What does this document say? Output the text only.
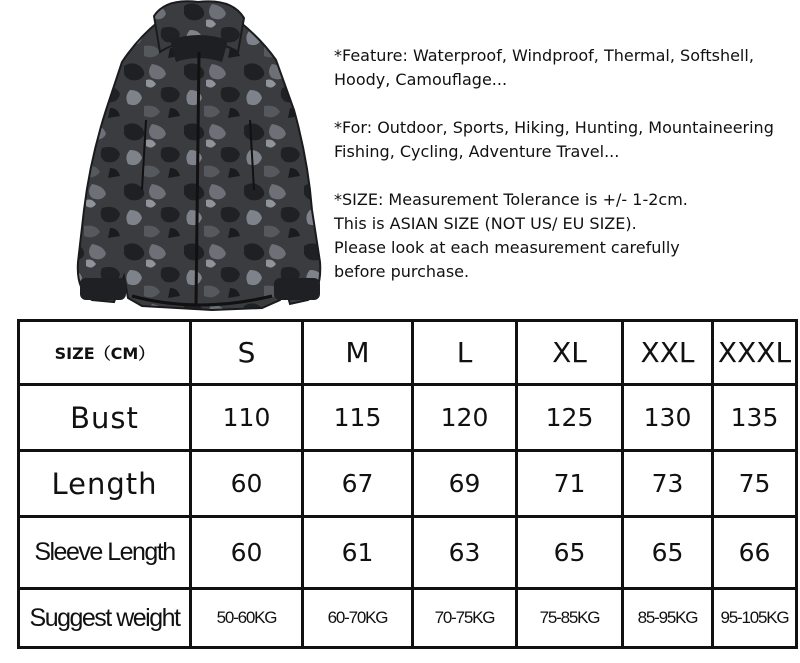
*Feature: Waterproof, Windproof, Thermal, Softshell,
Hoody, Camouflage...

*For: Outdoor, Sports, Hiking, Hunting, Mountaineering
Fishing, Cycling, Adventure Travel...

*SIZE: Measurement Tolerance is +/- 1-2cm.
This is ASIAN SIZE (NOT US/ EU SIZE).
Please look at each measurement carefully
before purchase.

SIZE（CM）	S	M	L	XL	XXL	XXXL
Bust	110	115	120	125	130	135
Length	60	67	69	71	73	75
Sleeve Length	60	61	63	65	65	66
Suggest weight	50-60KG	60-70KG	70-75KG	75-85KG	85-95KG	95-105KG
